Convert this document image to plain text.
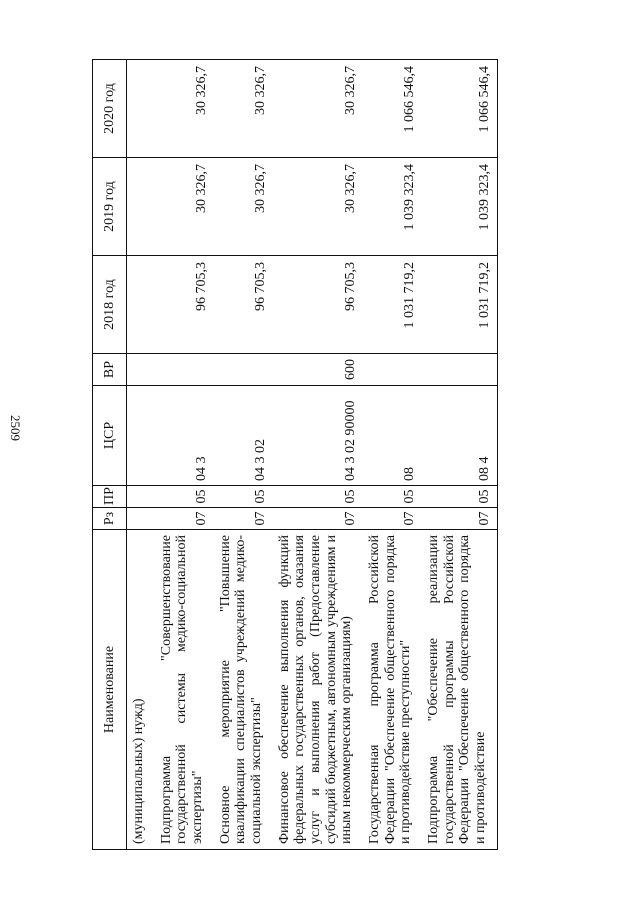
2509
Наименование	Рз	ПР	ЦСР	ВР	2018 год	2019 год	2020 год
(муниципальных) нужд)							
Подпрограмма "Совершенствование государственной системы медико-социальной экспертизы"	07	05	04 3		96 705,3	30 326,7	30 326,7
Основное мероприятие "Повышение квалификации специалистов учреждений медико-социальной экспертизы"	07	05	04 3 02		96 705,3	30 326,7	30 326,7
Финансовое обеспечение выполнения функций федеральных государственных органов, оказания услуг и выполнения работ (Предоставление субсидий бюджетным, автономным учреждениям и иным некоммерческим организациям)	07	05	04 3 02 90000	600	96 705,3	30 326,7	30 326,7
Государственная программа Российской Федерации "Обеспечение общественного порядка и противодействие преступности"	07	05	08		1 031 719,2	1 039 323,4	1 066 546,4
Подпрограмма "Обеспечение реализации государственной программы Российской Федерации "Обеспечение общественного порядка и противодействие	07	05	08 4		1 031 719,2	1 039 323,4	1 066 546,4
